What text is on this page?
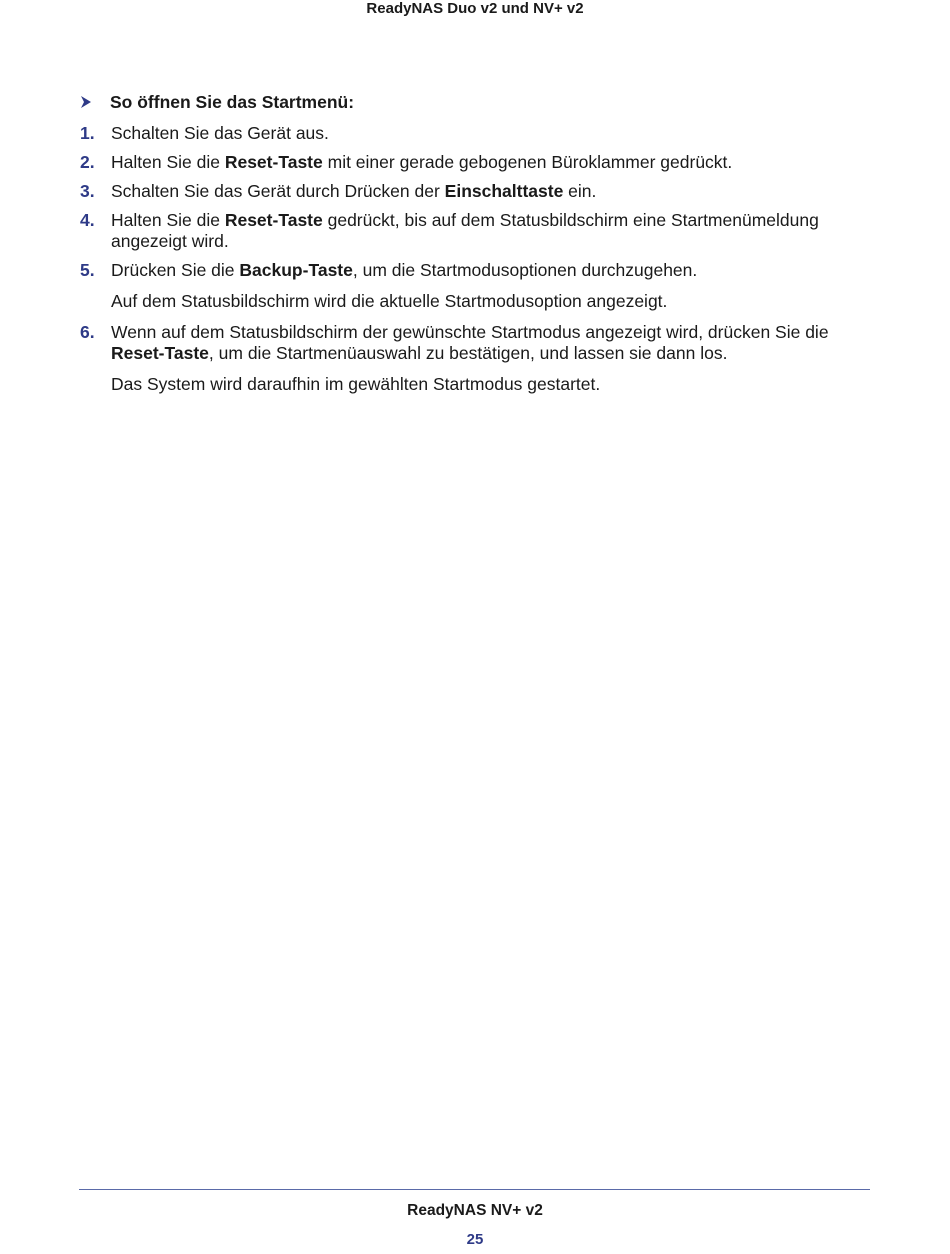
ReadyNAS Duo v2 und NV+ v2
So öffnen Sie das Startmenü:
1. Schalten Sie das Gerät aus.
2. Halten Sie die Reset-Taste mit einer gerade gebogenen Büroklammer gedrückt.
3. Schalten Sie das Gerät durch Drücken der Einschalttaste ein.
4. Halten Sie die Reset-Taste gedrückt, bis auf dem Statusbildschirm eine Startmenümeldung angezeigt wird.
5. Drücken Sie die Backup-Taste, um die Startmodusoptionen durchzugehen.
Auf dem Statusbildschirm wird die aktuelle Startmodusoption angezeigt.
6. Wenn auf dem Statusbildschirm der gewünschte Startmodus angezeigt wird, drücken Sie die Reset-Taste, um die Startmenüauswahl zu bestätigen, und lassen sie dann los.
Das System wird daraufhin im gewählten Startmodus gestartet.
ReadyNAS NV+ v2
25
